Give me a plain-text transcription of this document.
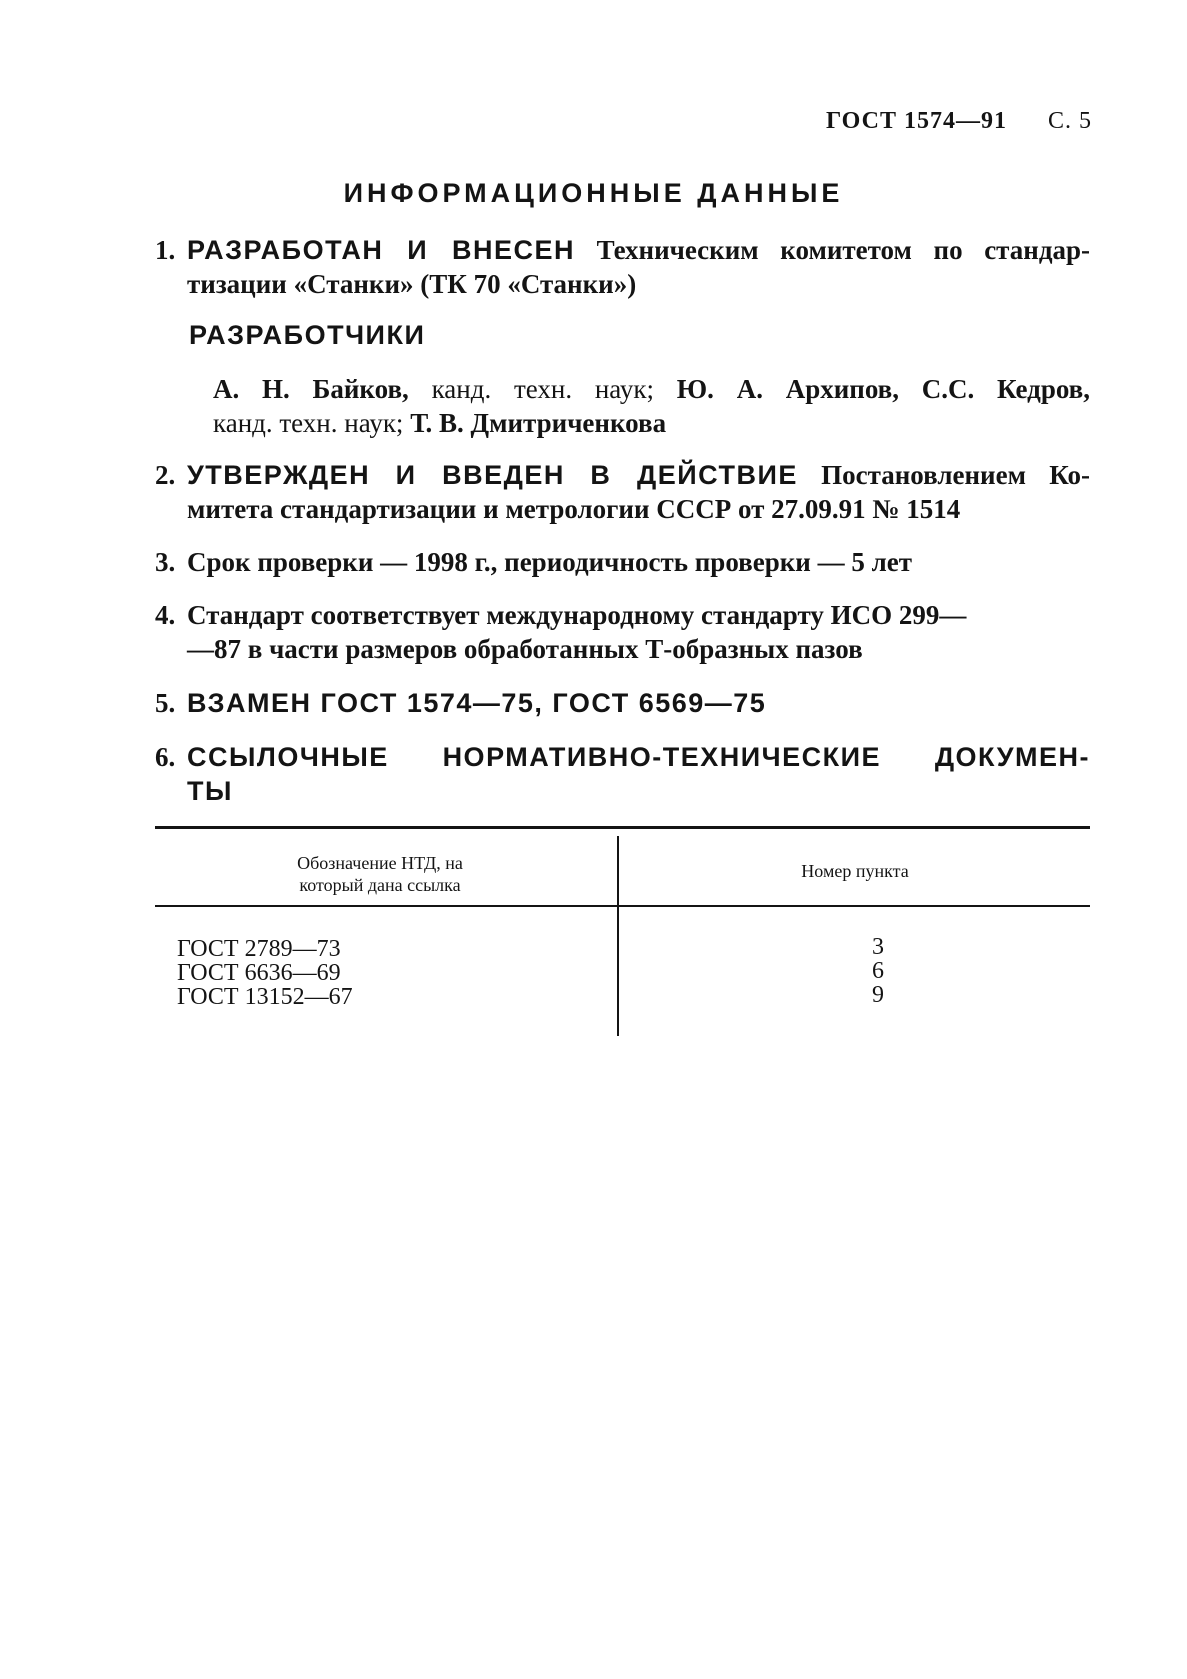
ГОСТ 1574—91 С. 5
ИНФОРМАЦИОННЫЕ ДАННЫЕ
1. РАЗРАБОТАН И ВНЕСЕН Техническим комитетом по стандар-
тизации «Станки» (ТК 70 «Станки»)
РАЗРАБОТЧИКИ
А. Н. Байков, канд. техн. наук; Ю. А. Архипов, С.С. Кедров,
канд. техн. наук; Т. В. Дмитриченкова
2. УТВЕРЖДЕН И ВВЕДЕН В ДЕЙСТВИЕ Постановлением Ко-
митета стандартизации и метрологии СССР от 27.09.91 № 1514
3. Срок проверки — 1998 г., периодичность проверки — 5 лет
4. Стандарт соответствует международному стандарту ИСО 299—
—87 в части размеров обработанных Т-образных пазов
5. ВЗАМЕН ГОСТ 1574—75, ГОСТ 6569—75
6. ССЫЛОЧНЫЕ НОРМАТИВНО-ТЕХНИЧЕСКИЕ ДОКУМЕН-
ТЫ
Обозначение НТД, на
который дана ссылка
Номер пункта
ГОСТ 2789—73
ГОСТ 6636—69
ГОСТ 13152—67
3
6
9
